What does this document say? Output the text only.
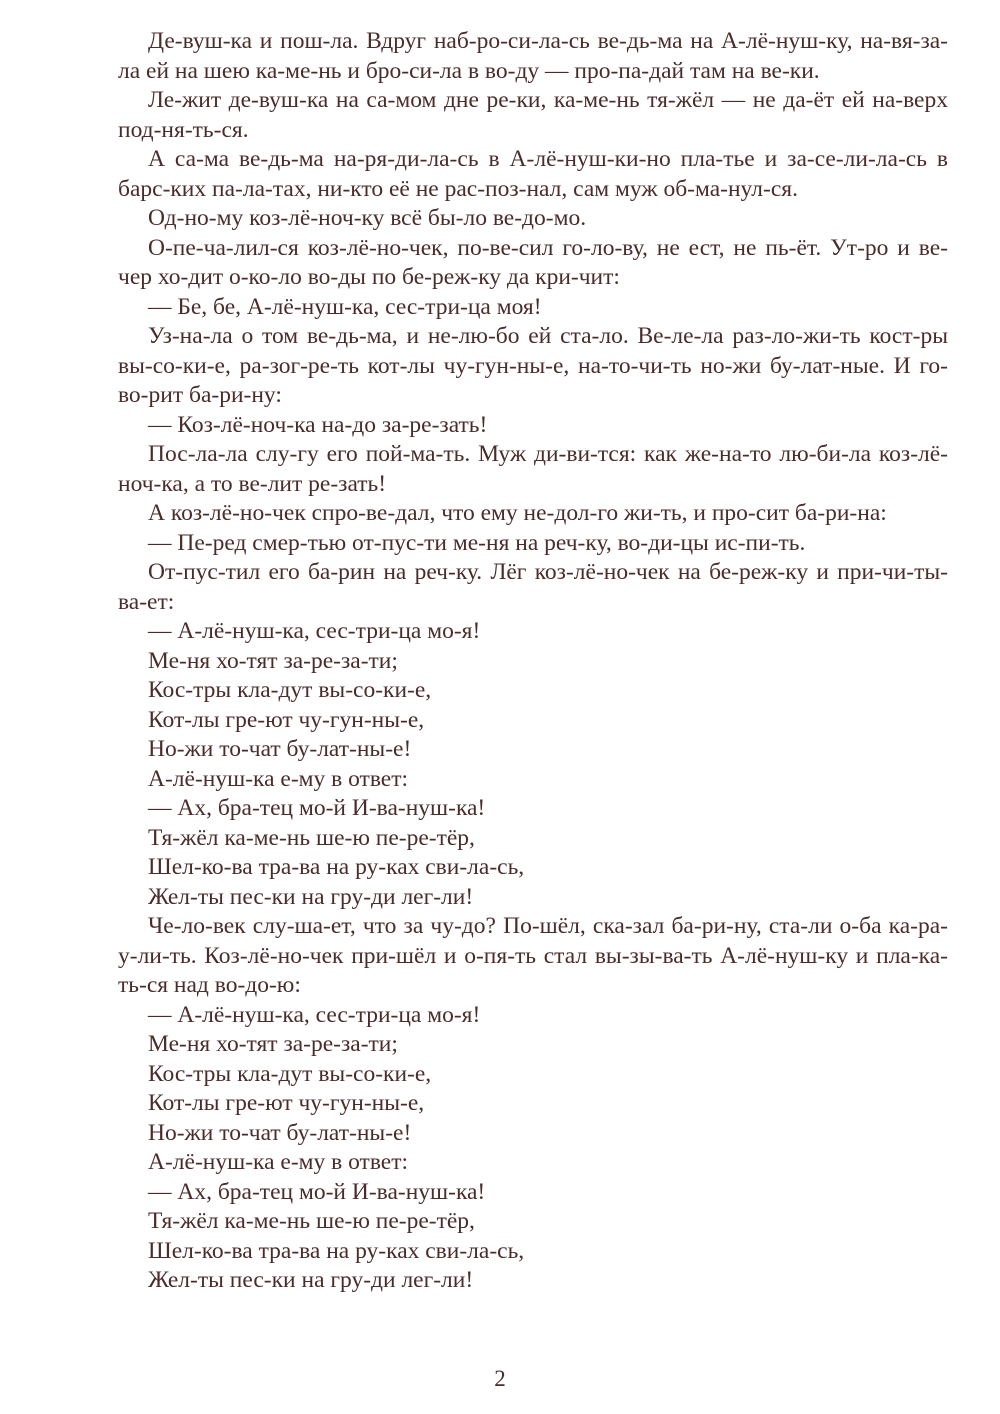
Де-вуш-ка и пош-ла. Вдруг наб-ро-си-ла-сь ве-дь-ма на А-лё-нуш-ку, на-вя-за-ла ей на шею ка-ме-нь и бро-си-ла в во-ду — про-па-дай там на ве-ки.

Ле-жит де-вуш-ка на са-мом дне ре-ки, ка-ме-нь тя-жёл — не да-ёт ей на-верх под-ня-ть-ся.

А са-ма ве-дь-ма на-ря-ди-ла-сь в А-лё-нуш-ки-но пла-тье и за-се-ли-ла-сь в барс-ких па-ла-тах, ни-кто её не рас-поз-нал, сам муж об-ма-нул-ся.

Од-но-му коз-лё-ноч-ку всё бы-ло ве-до-мо.

О-пе-ча-лил-ся коз-лё-но-чек, по-ве-сил го-ло-ву, не ест, не пь-ёт. Ут-ро и ве-чер хо-дит о-ко-ло во-ды по бе-реж-ку да кри-чит:

— Бе, бе, А-лё-нуш-ка, сес-три-ца моя!

Уз-на-ла о том ве-дь-ма, и не-лю-бо ей ста-ло. Ве-ле-ла раз-ло-жи-ть кост-ры вы-со-ки-е, ра-зог-ре-ть кот-лы чу-гун-ны-е, на-то-чи-ть но-жи бу-лат-ные. И го-во-рит ба-ри-ну:

— Коз-лё-ноч-ка на-до за-ре-зать!

Пос-ла-ла слу-гу его пой-ма-ть. Муж ди-ви-тся: как же-на-то лю-би-ла коз-лё-ноч-ка, а то ве-лит ре-зать!

А коз-лё-но-чек спро-ве-дал, что ему не-дол-го жи-ть, и про-сит ба-ри-на:

— Пе-ред смер-тью от-пус-ти ме-ня на реч-ку, во-ди-цы ис-пи-ть.

От-пус-тил его ба-рин на реч-ку. Лёг коз-лё-но-чек на бе-реж-ку и при-чи-ты-ва-ет:

— А-лё-нуш-ка, сес-три-ца мо-я!

Ме-ня хо-тят за-ре-за-ти;

Кос-тры кла-дут вы-со-ки-е,

Кот-лы гре-ют чу-гун-ны-е,

Но-жи то-чат бу-лат-ны-е!

А-лё-нуш-ка е-му в ответ:

— Ах, бра-тец мо-й И-ва-нуш-ка!

Тя-жёл ка-ме-нь ше-ю пе-ре-тёр,

Шел-ко-ва тра-ва на ру-ках сви-ла-сь,

Жел-ты пес-ки на гру-ди лег-ли!

Че-ло-век слу-ша-ет, что за чу-до? По-шёл, ска-зал ба-ри-ну, ста-ли о-ба ка-ра-у-ли-ть. Коз-лё-но-чек при-шёл и о-пя-ть стал вы-зы-ва-ть А-лё-нуш-ку и пла-ка-ть-ся над во-до-ю:

— А-лё-нуш-ка, сес-три-ца мо-я!

Ме-ня хо-тят за-ре-за-ти;

Кос-тры кла-дут вы-со-ки-е,

Кот-лы гре-ют чу-гун-ны-е,

Но-жи то-чат бу-лат-ны-е!

А-лё-нуш-ка е-му в ответ:

— Ах, бра-тец мо-й И-ва-нуш-ка!

Тя-жёл ка-ме-нь ше-ю пе-ре-тёр,

Шел-ко-ва тра-ва на ру-ках сви-ла-сь,

Жел-ты пес-ки на гру-ди лег-ли!

2
